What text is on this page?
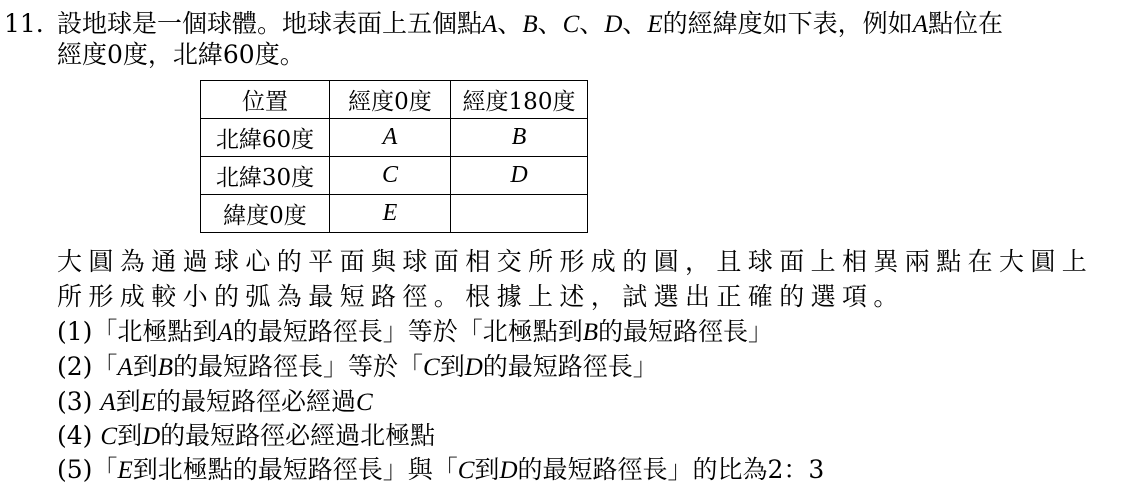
11. 設地球是一個球體。地球表面上五個點A、B、C、D、E的經緯度如下表，例如A點位在
經度0度，北緯60度。
位置	經度0度	經度180度
北緯60度	A	B
北緯30度	C	D
緯度0度	E	
大圓為通過球心的平面與球面相交所形成的圓，且球面上相異兩點在大圓上
所形成較小的弧為最短路徑。根據上述，試選出正確的選項。
(1)「北極點到A的最短路徑長」等於「北極點到B的最短路徑長」
(2)「A到B的最短路徑長」等於「C到D的最短路徑長」
(3) A到E的最短路徑必經過C
(4) C到D的最短路徑必經過北極點
(5)「E到北極點的最短路徑長」與「C到D的最短路徑長」的比為2：3
